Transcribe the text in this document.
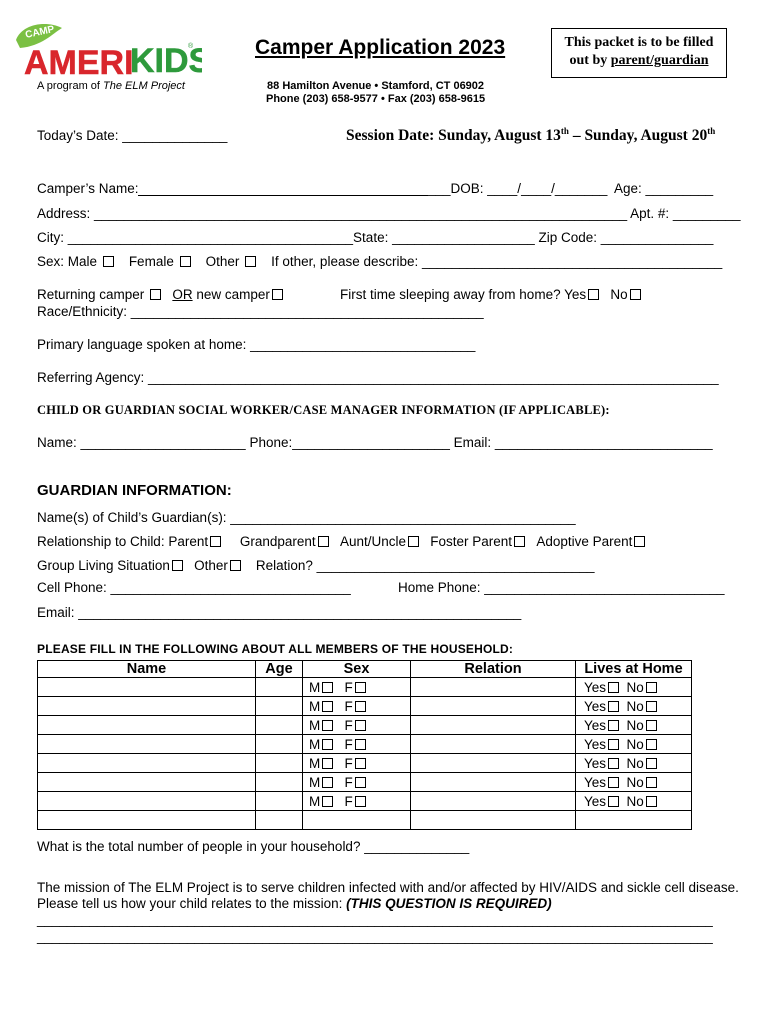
CAMP
AMERI
KIDS
®	Camper Application 2023	This packet is to be filled
out by parent/guardian
A program of The ELM Project	88 Hamilton Avenue • Stamford, CT 06902
Phone (203) 658-9577 • Fax (203) 658-9615
Today’s Date: ______________	Session Date: Sunday, August 13th – Sunday, August 20th
Camper’s Name:	___DOB: ____/____/_______ Age: _________
Address: _______________________________________________________________________ Apt. #: _________
City: ______________________________________State: ___________________ Zip Code: _______________
Sex: Male Female Other If other, please describe: ________________________________________
Returning camper OR new camper	First time sleeping away from home? Yes No
Race/Ethnicity: _______________________________________________
Primary language spoken at home: ______________________________
Referring Agency: ____________________________________________________________________________
CHILD OR GUARDIAN SOCIAL WORKER/CASE MANAGER INFORMATION (IF APPLICABLE):
Name: ______________________ Phone:_____________________ Email: _____________________________
GUARDIAN INFORMATION:
Name(s) of Child’s Guardian(s): ______________________________________________
Relationship to Child: Parent Grandparent Aunt/Uncle Foster Parent Adoptive Parent
Group Living Situation Other Relation? _____________________________________
Cell Phone: ________________________________	Home Phone: ________________________________
Email: ___________________________________________________________
PLEASE FILL IN THE FOLLOWING ABOUT ALL MEMBERS OF THE HOUSEHOLD:
Name	Age	Sex	Relation	Lives at Home
		M F		Yes No
		M F		Yes No
		M F		Yes No
		M F		Yes No
		M F		Yes No
		M F		Yes No
		M F		Yes No

What is the total number of people in your household? ______________
The mission of The ELM Project is to serve children infected with and/or affected by HIV/AIDS and sickle cell disease.
Please tell us how your child relates to the mission: (THIS QUESTION IS REQUIRED)
__________________________________________________________________________________________
__________________________________________________________________________________________
